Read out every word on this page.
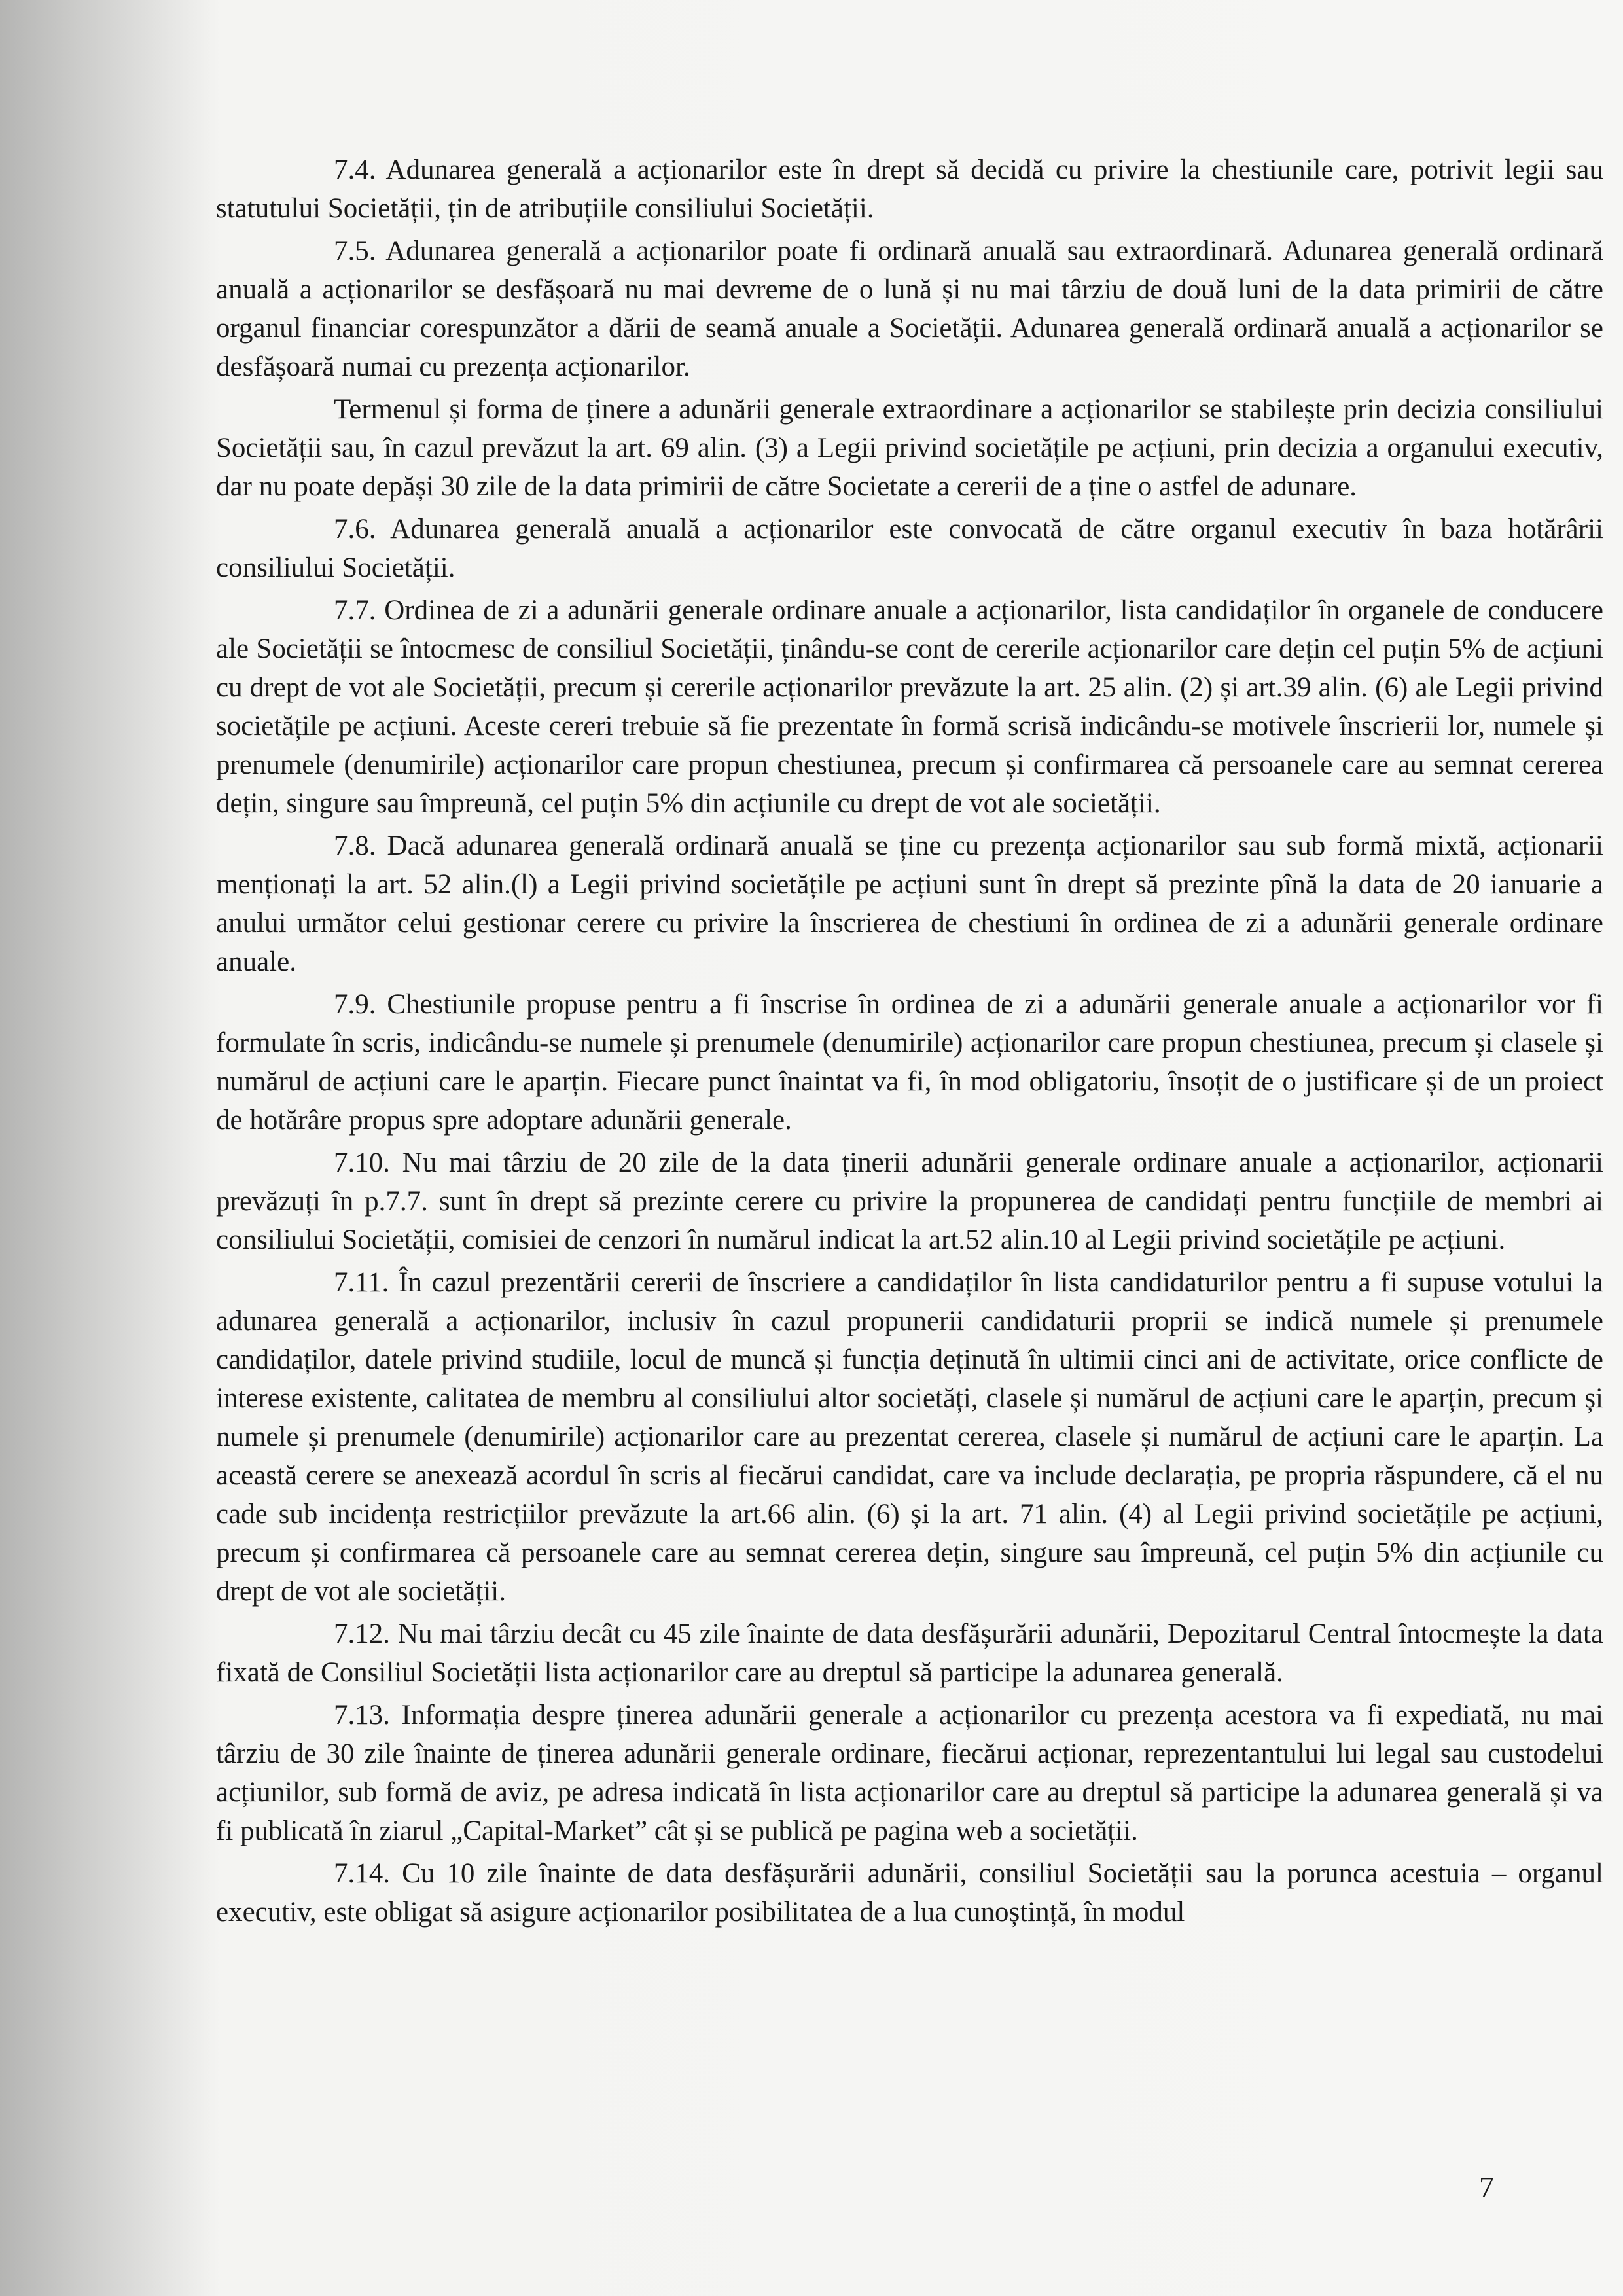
7.4. Adunarea generală a acționarilor este în drept să decidă cu privire la chestiunile care, potrivit legii sau statutului Societății, țin de atribuțiile consiliului Societății.

7.5. Adunarea generală a acționarilor poate fi ordinară anuală sau extraordinară. Adunarea generală ordinară anuală a acționarilor se desfășoară nu mai devreme de o lună și nu mai târziu de două luni de la data primirii de către organul financiar corespunzător a dării de seamă anuale a Societății. Adunarea generală ordinară anuală a acționarilor se desfășoară numai cu prezența acționarilor.

Termenul și forma de ținere a adunării generale extraordinare a acționarilor se stabilește prin decizia consiliului Societății sau, în cazul prevăzut la art. 69 alin. (3) a Legii privind societățile pe acțiuni, prin decizia a organului executiv, dar nu poate depăși 30 zile de la data primirii de către Societate a cererii de a ține o astfel de adunare.

7.6. Adunarea generală anuală a acționarilor este convocată de către organul executiv în baza hotărârii consiliului Societății.

7.7. Ordinea de zi a adunării generale ordinare anuale a acționarilor, lista candidaților în organele de conducere ale Societății se întocmesc de consiliul Societății, ținându-se cont de cererile acționarilor care dețin cel puțin 5% de acțiuni cu drept de vot ale Societății, precum și cererile acționarilor prevăzute la art. 25 alin. (2) și art.39 alin. (6) ale Legii privind societățile pe acțiuni. Aceste cereri trebuie să fie prezentate în formă scrisă indicându-se motivele înscrierii lor, numele și prenumele (denumirile) acționarilor care propun chestiunea, precum și confirmarea că persoanele care au semnat cererea dețin, singure sau împreună, cel puțin 5% din acțiunile cu drept de vot ale societății.

7.8. Dacă adunarea generală ordinară anuală se ține cu prezența acționarilor sau sub formă mixtă, acționarii menționați la art. 52 alin.(l) a Legii privind societățile pe acțiuni sunt în drept să prezinte pînă la data de 20 ianuarie a anului următor celui gestionar cerere cu privire la înscrierea de chestiuni în ordinea de zi a adunării generale ordinare anuale.

7.9. Chestiunile propuse pentru a fi înscrise în ordinea de zi a adunării generale anuale a acționarilor vor fi formulate în scris, indicându-se numele și prenumele (denumirile) acționarilor care propun chestiunea, precum și clasele și numărul de acțiuni care le aparțin. Fiecare punct înaintat va fi, în mod obligatoriu, însoțit de o justificare și de un proiect de hotărâre propus spre adoptare adunării generale.

7.10. Nu mai târziu de 20 zile de la data ținerii adunării generale ordinare anuale a acționarilor, acționarii prevăzuți în p.7.7. sunt în drept să prezinte cerere cu privire la propunerea de candidați pentru funcțiile de membri ai consiliului Societății, comisiei de cenzori în numărul indicat la art.52 alin.10 al Legii privind societățile pe acțiuni.

7.11. În cazul prezentării cererii de înscriere a candidaților în lista candidaturilor pentru a fi supuse votului la adunarea generală a acționarilor, inclusiv în cazul propunerii candidaturii proprii se indică numele și prenumele candidaților, datele privind studiile, locul de muncă și funcția deținută în ultimii cinci ani de activitate, orice conflicte de interese existente, calitatea de membru al consiliului altor societăți, clasele și numărul de acțiuni care le aparțin, precum și numele și prenumele (denumirile) acționarilor care au prezentat cererea, clasele și numărul de acțiuni care le aparțin. La această cerere se anexează acordul în scris al fiecărui candidat, care va include declarația, pe propria răspundere, că el nu cade sub incidența restricțiilor prevăzute la art.66 alin. (6) și la art. 71 alin. (4) al Legii privind societățile pe acțiuni, precum și confirmarea că persoanele care au semnat cererea dețin, singure sau împreună, cel puțin 5% din acțiunile cu drept de vot ale societății.

7.12. Nu mai târziu decât cu 45 zile înainte de data desfășurării adunării, Depozitarul Central întocmește la data fixată de Consiliul Societății lista acționarilor care au dreptul să participe la adunarea generală.

7.13. Informația despre ținerea adunării generale a acționarilor cu prezența acestora va fi expediată, nu mai târziu de 30 zile înainte de ținerea adunării generale ordinare, fiecărui acționar, reprezentantului lui legal sau custodelui acțiunilor, sub formă de aviz, pe adresa indicată în lista acționarilor care au dreptul să participe la adunarea generală și va fi publicată în ziarul „Capital-Market” cât și se publică pe pagina web a societății.

7.14. Cu 10 zile înainte de data desfășurării adunării, consiliul Societății sau la porunca acestuia – organul executiv, este obligat să asigure acționarilor posibilitatea de a lua cunoștință, în modul

7
